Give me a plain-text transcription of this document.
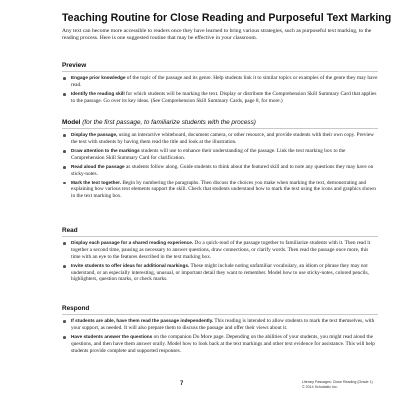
Teaching Routine for Close Reading and Purposeful Text Marking

Any text can become more accessible to readers once they have learned to bring various strategies, such as purposeful text marking, to the reading process. Here is one suggested routine that may be effective in your classroom.

Preview
Engage prior knowledge of the topic of the passage and its genre. Help students link it to similar topics or examples of the genre they may have read.
Identify the reading skill for which students will be marking the text. Display or distribute the Comprehension Skill Summary Card that applies to the passage. Go over its key ideas. (See Comprehension Skill Summary Cards, page 8, for more.)
Model (for the first passage, to familiarize students with the process)
Display the passage, using an interactive whiteboard, document camera, or other resource, and provide students with their own copy. Preview the text with students by having them read the title and look at the illustration.
Draw attention to the markings students will use to enhance their understanding of the passage. Link the text marking box to the Comprehension Skill Summary Card for clarification.
Read aloud the passage as students follow along. Guide students to think about the featured skill and to note any questions they may have on sticky-notes.
Mark the text together. Begin by numbering the paragraphs. Then discuss the choices you make when marking the text, demonstrating and explaining how various text elements support the skill. Check that students understand how to mark the text using the icons and graphics shown in the text marking box.
Read
Display each passage for a shared reading experience. Do a quick-read of the passage together to familiarize students with it. Then read it together a second time, pausing as necessary to answer questions, draw connections, or clarify words. Then read the passage once more, this time with an eye to the features described in the text marking box.
Invite students to offer ideas for additional markings. These might include noting unfamiliar vocabulary, an idiom or phrase they may not understand, or an especially interesting, unusual, or important detail they want to remember. Model how to use sticky-notes, colored pencils, highlighters, question marks, or check marks.
Respond
If students are able, have them read the passage independently. This reading is intended to allow students to mark the text themselves, with your support, as needed. It will also prepare them to discuss the passage and offer their views about it.
Have students answer the questions on the companion Do More page. Depending on the abilities of your students, you might read aloud the questions, and then have them answer orally. Model how to look back at the text markings and other text evidence for assistance. This will help students provide complete and supported responses.
7	Literary Passages: Close Reading (Grade 1)
© 2014 Scholastic Inc.
